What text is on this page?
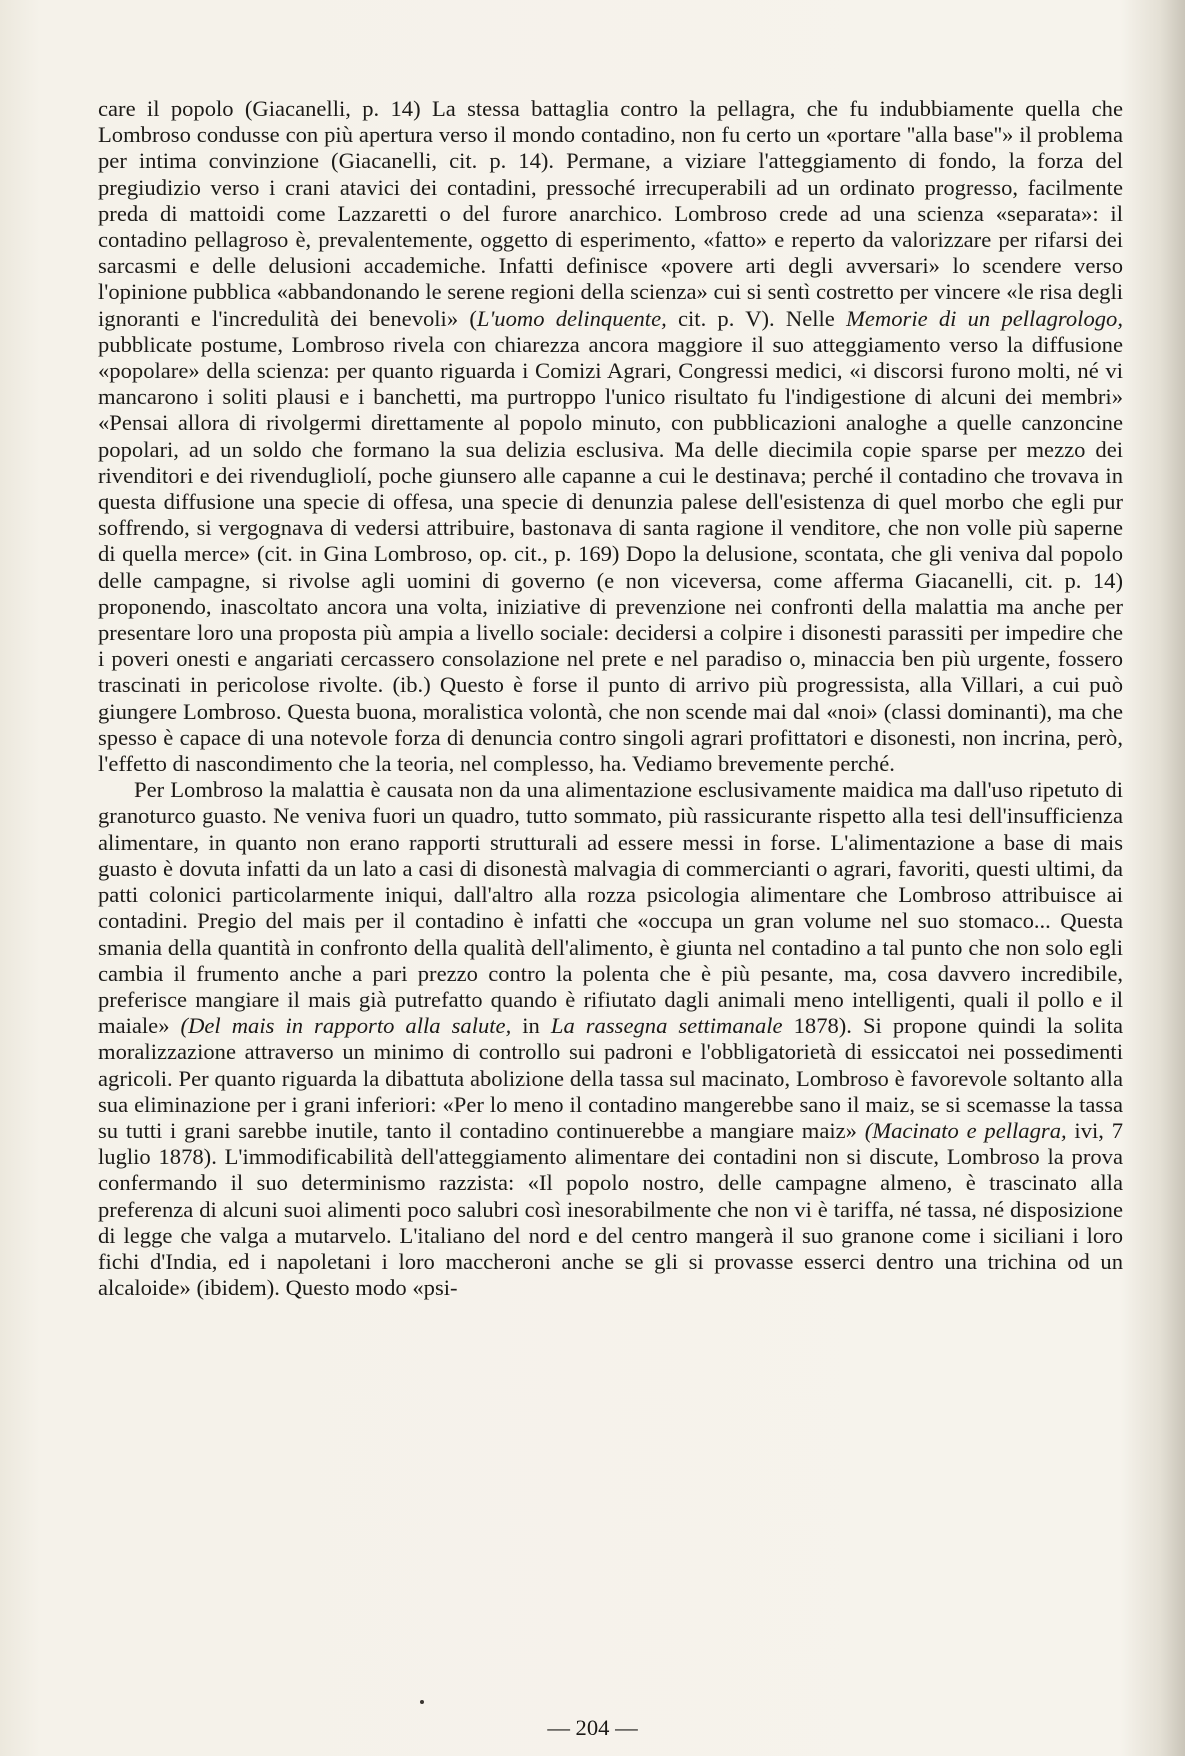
care il popolo (Giacanelli, p. 14) La stessa battaglia contro la pellagra, che fu indubbiamente quella che Lombroso condusse con più apertura verso il mondo contadino, non fu certo un «portare ''alla base''» il problema per intima convinzione (Giacanelli, cit. p. 14). Permane, a viziare l'atteggiamento di fondo, la forza del pregiudizio verso i crani atavici dei contadini, pressoché irrecuperabili ad un ordinato progresso, facilmente preda di mattoidi come Lazzaretti o del furore anarchico. Lombroso crede ad una scienza «separata»: il contadino pellagroso è, prevalentemente, oggetto di esperimento, «fatto» e reperto da valorizzare per rifarsi dei sarcasmi e delle delusioni accademiche. Infatti definisce «povere arti degli avversari» lo scendere verso l'opinione pubblica «abbandonando le serene regioni della scienza» cui si sentì costretto per vincere «le risa degli ignoranti e l'incredulità dei benevoli» (L'uomo delinquente, cit. p. V). Nelle Memorie di un pellagrologo, pubblicate postume, Lombroso rivela con chiarezza ancora maggiore il suo atteggiamento verso la diffusione «popolare» della scienza: per quanto riguarda i Comizi Agrari, Congressi medici, «i discorsi furono molti, né vi mancarono i soliti plausi e i banchetti, ma purtroppo l'unico risultato fu l'indigestione di alcuni dei membri» «Pensai allora di rivolgermi direttamente al popolo minuto, con pubblicazioni analoghe a quelle canzoncine popolari, ad un soldo che formano la sua delizia esclusiva. Ma delle diecimila copie sparse per mezzo dei rivenditori e dei rivendugliolí, poche giunsero alle capanne a cui le destinava; perché il contadino che trovava in questa diffusione una specie di offesa, una specie di denunzia palese dell'esistenza di quel morbo che egli pur soffrendo, si vergognava di vedersi attribuire, bastonava di santa ragione il venditore, che non volle più saperne di quella merce» (cit. in Gina Lombroso, op. cit., p. 169) Dopo la delusione, scontata, che gli veniva dal popolo delle campagne, si rivolse agli uomini di governo (e non viceversa, come afferma Giacanelli, cit. p. 14) proponendo, inascoltato ancora una volta, iniziative di prevenzione nei confronti della malattia ma anche per presentare loro una proposta più ampia a livello sociale: decidersi a colpire i disonesti parassiti per impedire che i poveri onesti e angariati cercassero consolazione nel prete e nel paradiso o, minaccia ben più urgente, fossero trascinati in pericolose rivolte. (ib.) Questo è forse il punto di arrivo più progressista, alla Villari, a cui può giungere Lombroso. Questa buona, moralistica volontà, che non scende mai dal «noi» (classi dominanti), ma che spesso è capace di una notevole forza di denuncia contro singoli agrari profittatori e disonesti, non incrina, però, l'effetto di nascondimento che la teoria, nel complesso, ha. Vediamo brevemente perché.

Per Lombroso la malattia è causata non da una alimentazione esclusivamente maidica ma dall'uso ripetuto di granoturco guasto. Ne veniva fuori un quadro, tutto sommato, più rassicurante rispetto alla tesi dell'insufficienza alimentare, in quanto non erano rapporti strutturali ad essere messi in forse. L'alimentazione a base di mais guasto è dovuta infatti da un lato a casi di disonestà malvagia di commercianti o agrari, favoriti, questi ultimi, da patti colonici particolarmente iniqui, dall'altro alla rozza psicologia alimentare che Lombroso attribuisce ai contadini. Pregio del mais per il contadino è infatti che «occupa un gran volume nel suo stomaco... Questa smania della quantità in confronto della qualità dell'alimento, è giunta nel contadino a tal punto che non solo egli cambia il frumento anche a pari prezzo contro la polenta che è più pesante, ma, cosa davvero incredibile, preferisce mangiare il mais già putrefatto quando è rifiutato dagli animali meno intelligenti, quali il pollo e il maiale» (Del mais in rapporto alla salute, in La rassegna settimanale 1878). Si propone quindi la solita moralizzazione attraverso un minimo di controllo sui padroni e l'obbligatorietà di essiccatoi nei possedimenti agricoli. Per quanto riguarda la dibattuta abolizione della tassa sul macinato, Lombroso è favorevole soltanto alla sua eliminazione per i grani inferiori: «Per lo meno il contadino mangerebbe sano il maiz, se si scemasse la tassa su tutti i grani sarebbe inutile, tanto il contadino continuerebbe a mangiare maiz» (Macinato e pellagra, ivi, 7 luglio 1878). L'immodificabilità dell'atteggiamento alimentare dei contadini non si discute, Lombroso la prova confermando il suo determinismo razzista: «Il popolo nostro, delle campagne almeno, è trascinato alla preferenza di alcuni suoi alimenti poco salubri così inesorabilmente che non vi è tariffa, né tassa, né disposizione di legge che valga a mutarvelo. L'italiano del nord e del centro mangerà il suo granone come i siciliani i loro fichi d'India, ed i napoletani i loro maccheroni anche se gli si provasse esserci dentro una trichina od un alcaloide» (ibidem). Questo modo «psi-

— 204 —
